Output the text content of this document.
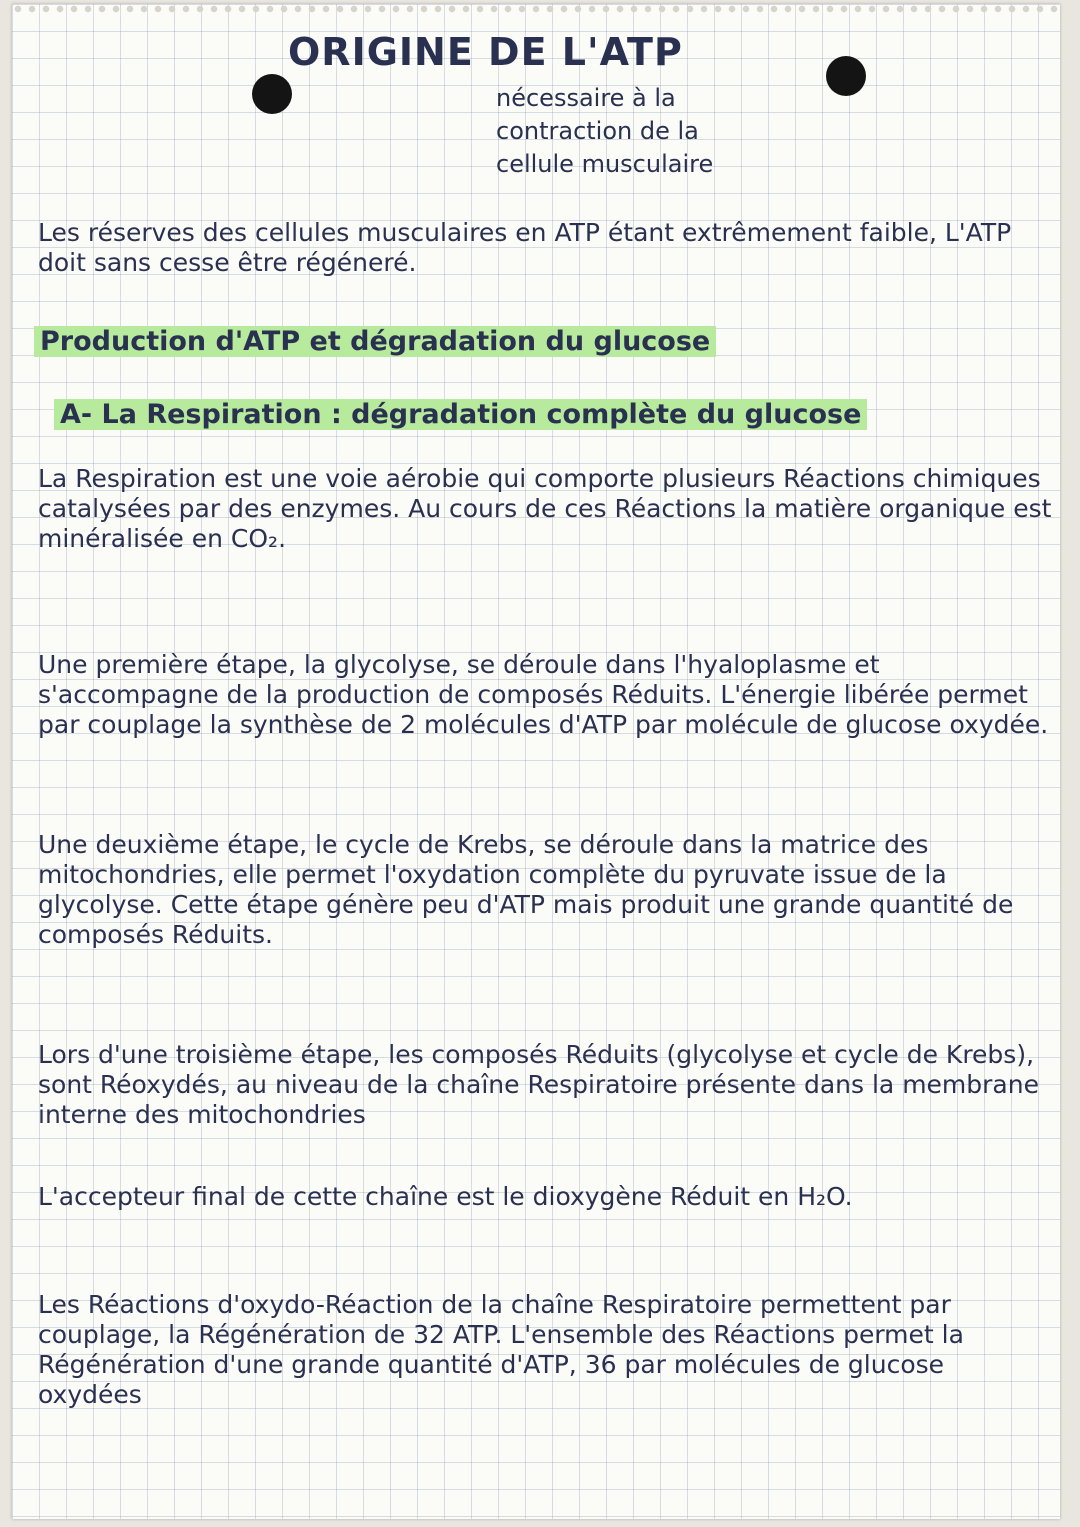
ORIGINE DE L'ATP
nécessaire à la
contraction de la
cellule musculaire

Les réserves des cellules musculaires en ATP étant extrêmement faible, L'ATP doit sans cesse être régéneré.

Production d'ATP et dégradation du glucose
A- La Respiration : dégradation complète du glucose

La Respiration est une voie aérobie qui comporte plusieurs Réactions chimiques catalysées par des enzymes. Au cours de ces Réactions la matière organique est minéralisée en CO₂.

Une première étape, la glycolyse, se déroule dans l'hyaloplasme et s'accompagne de la production de composés Réduits. L'énergie libérée permet par couplage la synthèse de 2 molécules d'ATP par molécule de glucose oxydée.

Une deuxième étape, le cycle de Krebs, se déroule dans la matrice des mitochondries, elle permet l'oxydation complète du pyruvate issue de la glycolyse. Cette étape génère peu d'ATP mais produit une grande quantité de composés Réduits.

Lors d'une troisième étape, les composés Réduits (glycolyse et cycle de Krebs), sont Réoxydés, au niveau de la chaîne Respiratoire présente dans la membrane interne des mitochondries

L'accepteur final de cette chaîne est le dioxygène Réduit en H₂O.

Les Réactions d'oxydo-Réaction de la chaîne Respiratoire permettent par couplage, la Régénération de 32 ATP. L'ensemble des Réactions permet la Régénération d'une grande quantité d'ATP, 36 par molécules de glucose oxydées
